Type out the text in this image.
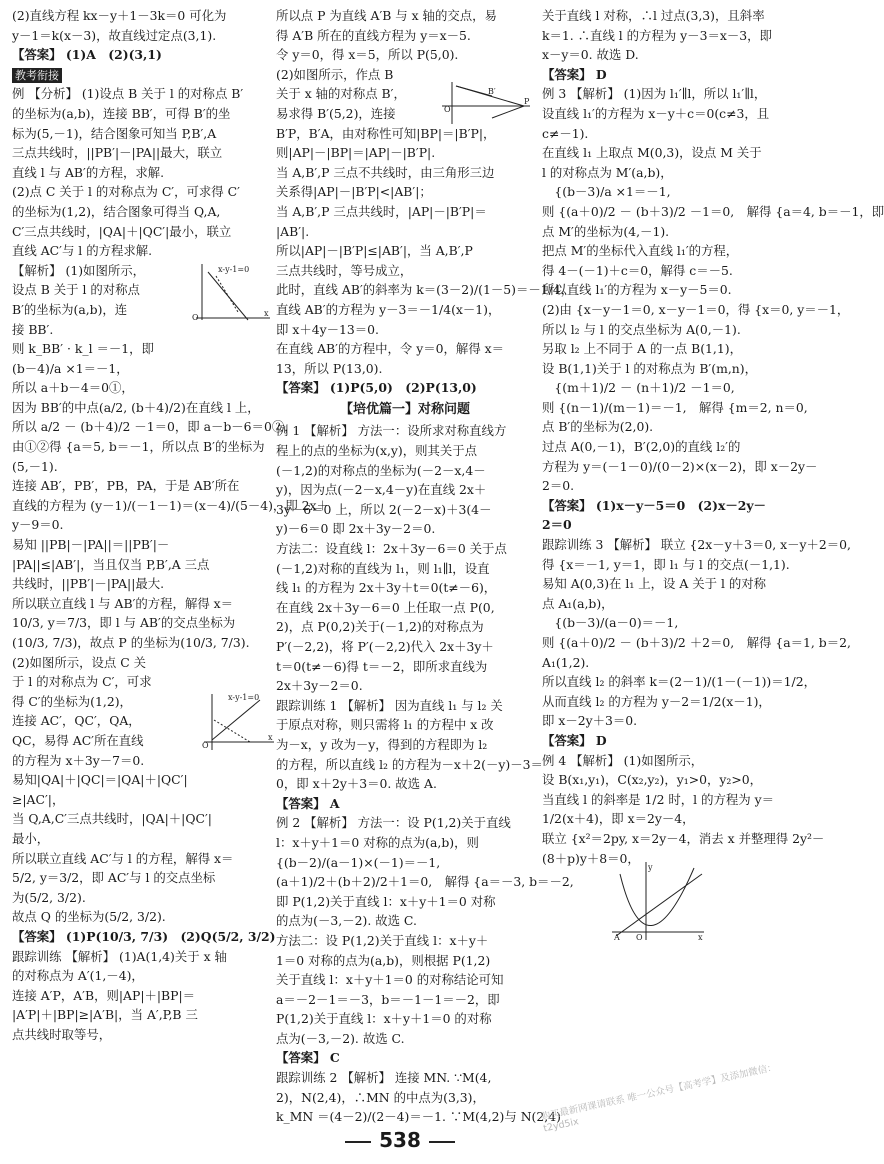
(2)直线方程 kx－y＋1－3k＝0 可化为
y－1＝k(x－3)，故直线过定点(3,1).
【答案】 (1)A　(2)(3,1)
教考衔接
例 【分析】 (1)设点 B 关于 l 的对称点 B′
的坐标为(a,b)，连接 BB′，可得 B′的坐
标为(5,－1)，结合图象可知当 P,B′,A
三点共线时，||PB′|－|PA||最大，联立
直线 l 与 AB′的方程，求解.
(2)点 C 关于 l 的对称点为 C′，可求得 C′
的坐标为(1,2)，结合图象可得当 Q,A,
C′三点共线时，|QA|＋|QC′|最小，联立
直线 AC′与 l 的方程求解.
【解析】 (1)如图所示，
设点 B 关于 l 的对称点
B′的坐标为(a,b)，连
接 BB′.
则 k_BB′ · k_l ＝－1，即
(b－4)/a ×1＝－1，
所以 a＋b－4＝0①，
因为 BB′的中点(a/2, (b＋4)/2)在直线 l 上，
所以 a/2 － (b＋4)/2 －1＝0，即 a－b－6＝0②，
由①②得 {a＝5, b＝－1，所以点 B′的坐标为
(5,－1).
连接 AB′，PB′，PB，PA，于是 AB′所在
直线的方程为 (y－1)/(－1－1)＝(x－4)/(5－4)，即 2x＋
y－9＝0.
易知 ||PB|－|PA||＝||PB′|－
|PA||≤|AB′|，当且仅当 P,B′,A 三点
共线时，||PB′|－|PA||最大.
所以联立直线 l 与 AB′的方程，解得 x＝
10/3, y＝7/3，即 l 与 AB′的交点坐标为
(10/3, 7/3)，故点 P 的坐标为(10/3, 7/3).
(2)如图所示，设点 C 关
于 l 的对称点为 C′，可求
得 C′的坐标为(1,2)，
连接 AC′，QC′，QA，
QC，易得 AC′所在直线
的方程为 x＋3y－7＝0.
易知|QA|＋|QC|＝|QA|＋|QC′|
≥|AC′|，
当 Q,A,C′三点共线时，|QA|＋|QC′|
最小，
所以联立直线 AC′与 l 的方程，解得 x＝
5/2, y＝3/2，即 AC′与 l 的交点坐标
为(5/2, 3/2).
故点 Q 的坐标为(5/2, 3/2).
【答案】 (1)P(10/3, 7/3)　(2)Q(5/2, 3/2)
跟踪训练 【解析】 (1)A(1,4)关于 x 轴
的对称点为 A′(1,－4)，
连接 A′P，A′B，则|AP|＋|BP|＝
|A′P|＋|BP|≥|A′B|，当 A′,P,B 三
点共线时取等号，
x-y-1=0
O	x
x-y-1=0
O
x
所以点 P 为直线 A′B 与 x 轴的交点，易
得 A′B 所在的直线方程为 y＝x－5.
令 y＝0，得 x＝5，所以 P(5,0).
(2)如图所示，作点 B
关于 x 轴的对称点 B′，
易求得 B′(5,2)，连接
B′P，B′A，由对称性可知|BP|＝|B′P|，
则|AP|－|BP|＝|AP|－|B′P|.
当 A,B′,P 三点不共线时，由三角形三边
关系得|AP|－|B′P|<|AB′|；
当 A,B′,P 三点共线时，|AP|－|B′P|＝
|AB′|.
所以|AP|－|B′P|≤|AB′|，当 A,B′,P
三点共线时，等号成立，
此时，直线 AB′的斜率为 k＝(3－2)/(1－5)＝－1/4，
直线 AB′的方程为 y－3＝－1/4(x－1)，
即 x＋4y－13＝0.
在直线 AB′的方程中，令 y＝0，解得 x＝
13，所以 P(13,0).
【答案】 (1)P(5,0)　(2)P(13,0)
【培优篇一】对称问题
例 1 【解析】 方法一：设所求对称直线方
程上的点的坐标为(x,y)，则其关于点
(－1,2)的对称点的坐标为(－2－x,4－
y)，因为点(－2－x,4－y)在直线 2x＋
3y－6＝0 上，所以 2(－2－x)＋3(4－
y)－6＝0 即 2x＋3y－2＝0.
方法二：设直线 l：2x＋3y－6＝0 关于点
(－1,2)对称的直线为 l₁，则 l₁∥l，设直
线 l₁ 的方程为 2x＋3y＋t＝0(t≠－6)，
在直线 2x＋3y－6＝0 上任取一点 P(0,
2)，点 P(0,2)关于(－1,2)的对称点为
P′(－2,2)，将 P′(－2,2)代入 2x＋3y＋
t＝0(t≠－6)得 t＝－2，即所求直线为
2x＋3y－2＝0.
跟踪训练 1 【解析】 因为直线 l₁ 与 l₂ 关
于原点对称，则只需将 l₁ 的方程中 x 改
为－x，y 改为－y，得到的方程即为 l₂
的方程，所以直线 l₂ 的方程为－x＋2(－y)－3＝
0，即 x＋2y＋3＝0. 故选 A.
【答案】 A
例 2 【解析】 方法一：设 P(1,2)关于直线
l：x＋y＋1＝0 对称的点为(a,b)，则
{(b－2)/(a－1)×(－1)＝－1,
(a＋1)/2＋(b＋2)/2＋1＝0,　解得 {a＝－3, b＝－2,
即 P(1,2)关于直线 l：x＋y＋1＝0 对称
的点为(－3,－2). 故选 C.
方法二：设 P(1,2)关于直线 l：x＋y＋
1＝0 对称的点为(a,b)，则根据 P(1,2)
关于直线 l：x＋y＋1＝0 的对称结论可知
a＝－2－1＝－3，b＝－1－1＝－2，即
P(1,2)关于直线 l：x＋y＋1＝0 的对称
点为(－3,－2). 故选 C.
【答案】 C
跟踪训练 2 【解析】 连接 MN. ∵M(4,
2)，N(2,4)，∴MN 的中点为(3,3)，
k_MN ＝(4－2)/(2－4)＝－1. ∵M(4,2)与 N(2,4)
B′
O
P
关于直线 l 对称，∴l 过点(3,3)，且斜率
k＝1. ∴直线 l 的方程为 y－3＝x－3，即
x－y＝0. 故选 D.
【答案】 D
例 3 【解析】 (1)因为 l₁′∥l，所以 l₁′∥l，
设直线 l₁′的方程为 x－y＋c＝0(c≠3，且
c≠－1).
在直线 l₁ 上取点 M(0,3)，设点 M 关于
l 的对称点为 M′(a,b)，
　{(b－3)/a ×1＝－1,
则 {(a＋0)/2 － (b＋3)/2 －1＝0,　解得 {a＝4, b＝－1，即
点 M′的坐标为(4,－1).
把点 M′的坐标代入直线 l₁′的方程，
得 4－(－1)＋c＝0，解得 c＝－5.
所以直线 l₁′的方程为 x－y－5＝0.
(2)由 {x－y－1＝0, x－y－1＝0，得 {x＝0, y＝－1，
所以 l₂ 与 l 的交点坐标为 A(0,－1).
另取 l₂ 上不同于 A 的一点 B(1,1)，
设 B(1,1)关于 l 的对称点为 B′(m,n)，
　{(m＋1)/2 － (n＋1)/2 －1＝0,
则 {(n－1)/(m－1)＝－1,　解得 {m＝2, n＝0,
点 B′的坐标为(2,0).
过点 A(0,－1)，B′(2,0)的直线 l₂′的
方程为 y＝(－1－0)/(0－2)×(x－2)，即 x－2y－
2＝0.
【答案】 (1)x－y－5＝0　(2)x－2y－
2＝0
跟踪训练 3 【解析】 联立 {2x－y＋3＝0, x－y＋2＝0,
得 {x＝－1, y＝1，即 l₁ 与 l 的交点(－1,1).
易知 A(0,3)在 l₁ 上，设 A 关于 l 的对称
点 A₁(a,b)，
　{(b－3)/(a－0)＝－1,
则 {(a＋0)/2 － (b＋3)/2 ＋2＝0,　解得 {a＝1, b＝2,
A₁(1,2).
所以直线 l₂ 的斜率 k＝(2－1)/(1－(－1))＝1/2，
从而直线 l₂ 的方程为 y－2＝1/2(x－1)，
即 x－2y＋3＝0.
【答案】 D
例 4 【解析】 (1)如图所示，
设 B(x₁,y₁)，C(x₂,y₂)，y₁>0，y₂>0，
当直线 l 的斜率是 1/2 时，l 的方程为 y＝
1/2(x＋4)，即 x＝2y－4，
联立 {x²＝2py, x＝2y－4，消去 x 并整理得 2y²－
(8＋p)y＋8＝0，
O
A	x
y
538
购买最新网课请联系 唯一公众号【高考学】及添加微信：t2yd5ix
